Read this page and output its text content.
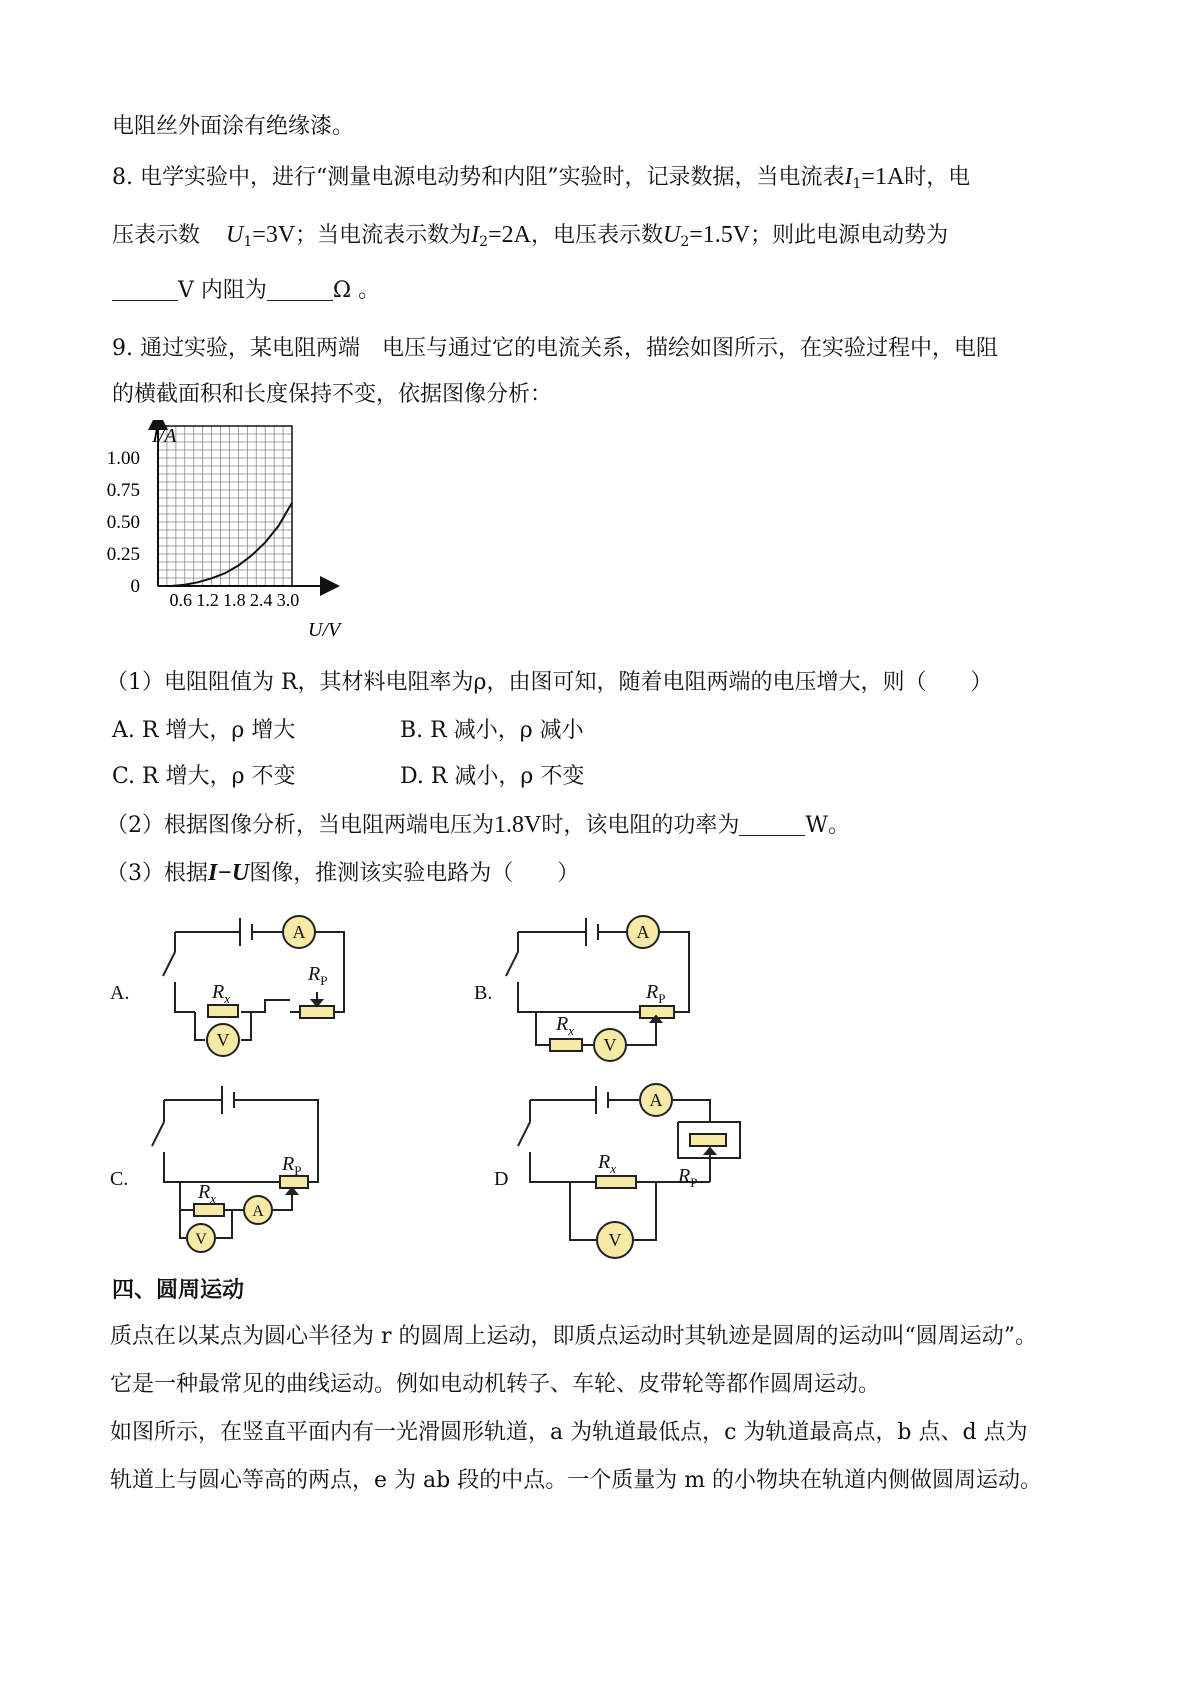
电阻丝外面涂有绝缘漆。
8. 电学实验中，进行“测量电源电动势和内阻”实验时，记录数据，当电流表$I_1=1A$时，电
压表示数 $U_1=3V$；当电流表示数为$I_2=2A$，电压表示数$U_2=1.5V$；则此电源电动势为
V 内阻为	Ω 。
9. 通过实验，某电阻两端　电压与通过它的电流关系，描绘如图所示，在实验过程中，电阻
的横截面积和长度保持不变，依据图像分析：
0.6 1.2 1.8 2.4 3.0
0
0.25
0.50
0.75
1.00
I/A
U/V
（1）电阻阻值为 R，其材料电阻率为ρ，由图可知，随着电阻两端的电压增大，则（　　）
A. R 增大，ρ 增大	B. R 减小，ρ 减小
C. R 增大，ρ 不变	D. R 减小，ρ 不变
（2）根据图像分析，当电阻两端电压为1.8V时，该电阻的功率为	W。
（3）根据I−U图像，推测该实验电路为（　　）
A.	B.
C.	D
A
V
A
V
A
V
A
V
$R_x$
$R_P$
$R_x$
$R_P$
$R_x$
$R_P$	$R_x$	$R_P$
四、圆周运动
质点在以某点为圆心半径为 r 的圆周上运动，即质点运动时其轨迹是圆周的运动叫“圆周运动”。
它是一种最常见的曲线运动。例如电动机转子、车轮、皮带轮等都作圆周运动。
如图所示，在竖直平面内有一光滑圆形轨道，a 为轨道最低点，c 为轨道最高点，b 点、d 点为
轨道上与圆心等高的两点，e 为 ab 段的中点。一个质量为 m 的小物块在轨道内侧做圆周运动。
